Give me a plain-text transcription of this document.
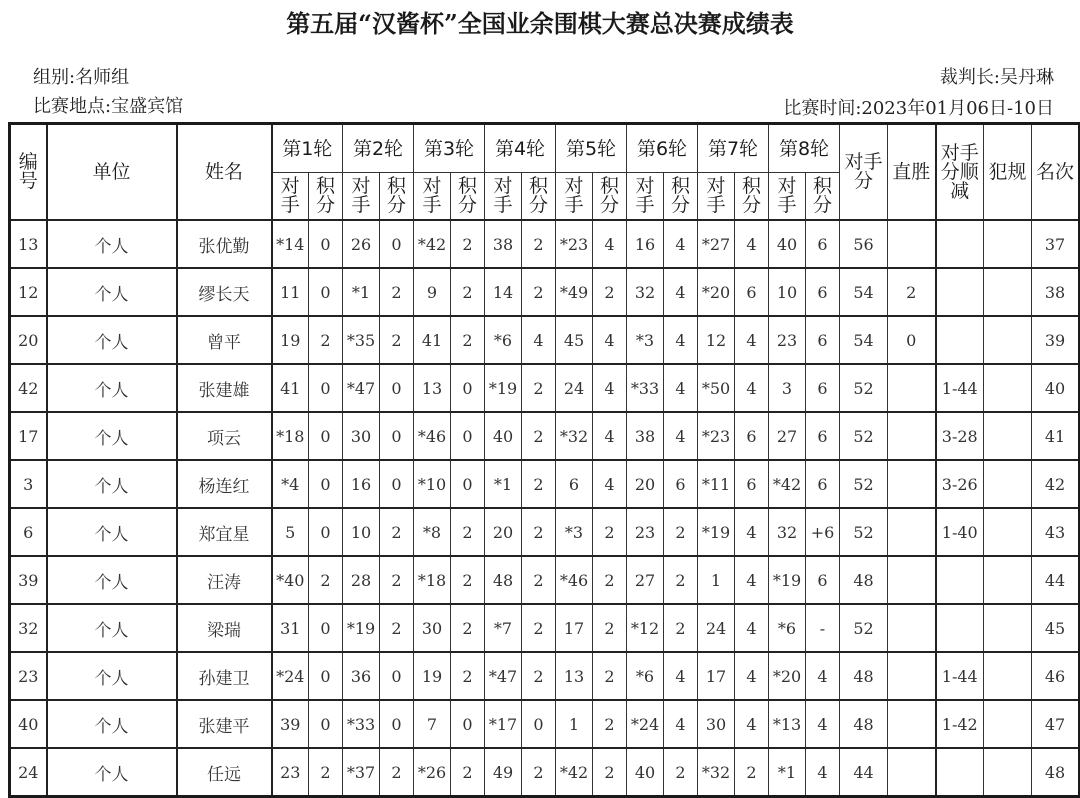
第五届“汉酱杯”全国业余围棋大赛总决赛成绩表
组别:名师组
比赛地点:宝盛宾馆
裁判长:吴丹琳
比赛时间:2023年01月06日-10日
编号	单位	姓名	第1轮		第2轮		第3轮		第4轮		第5轮		第6轮		第7轮		第8轮		对手分	直胜	对手分顺减	犯规	名次
			对手	积分	对手	积分	对手	积分	对手	积分	对手	积分	对手	积分	对手	积分	对手	积分					
13	个人	张优勤	*14	0	26	0	*42	2	38	2	*23	4	16	4	*27	4	40	6	56				37
12	个人	缪长天	11	0	*1	2	9	2	14	2	*49	2	32	4	*20	6	10	6	54	2			38
20	个人	曾平	19	2	*35	2	41	2	*6	4	45	4	*3	4	12	4	23	6	54	0			39
42	个人	张建雄	41	0	*47	0	13	0	*19	2	24	4	*33	4	*50	4	3	6	52		1-44		40
17	个人	项云	*18	0	30	0	*46	0	40	2	*32	4	38	4	*23	6	27	6	52		3-28		41
3	个人	杨连红	*4	0	16	0	*10	0	*1	2	6	4	20	6	*11	6	*42	6	52		3-26		42
6	个人	郑宜星	5	0	10	2	*8	2	20	2	*3	2	23	2	*19	4	32	+6	52		1-40		43
39	个人	汪涛	*40	2	28	2	*18	2	48	2	*46	2	27	2	1	4	*19	6	48				44
32	个人	梁瑞	31	0	*19	2	30	2	*7	2	17	2	*12	2	24	4	*6	-	52				45
23	个人	孙建卫	*24	0	36	0	19	2	*47	2	13	2	*6	4	17	4	*20	4	48		1-44		46
40	个人	张建平	39	0	*33	0	7	0	*17	0	1	2	*24	4	30	4	*13	4	48		1-42		47
24	个人	任远	23	2	*37	2	*26	2	49	2	*42	2	40	2	*32	2	*1	4	44				48
